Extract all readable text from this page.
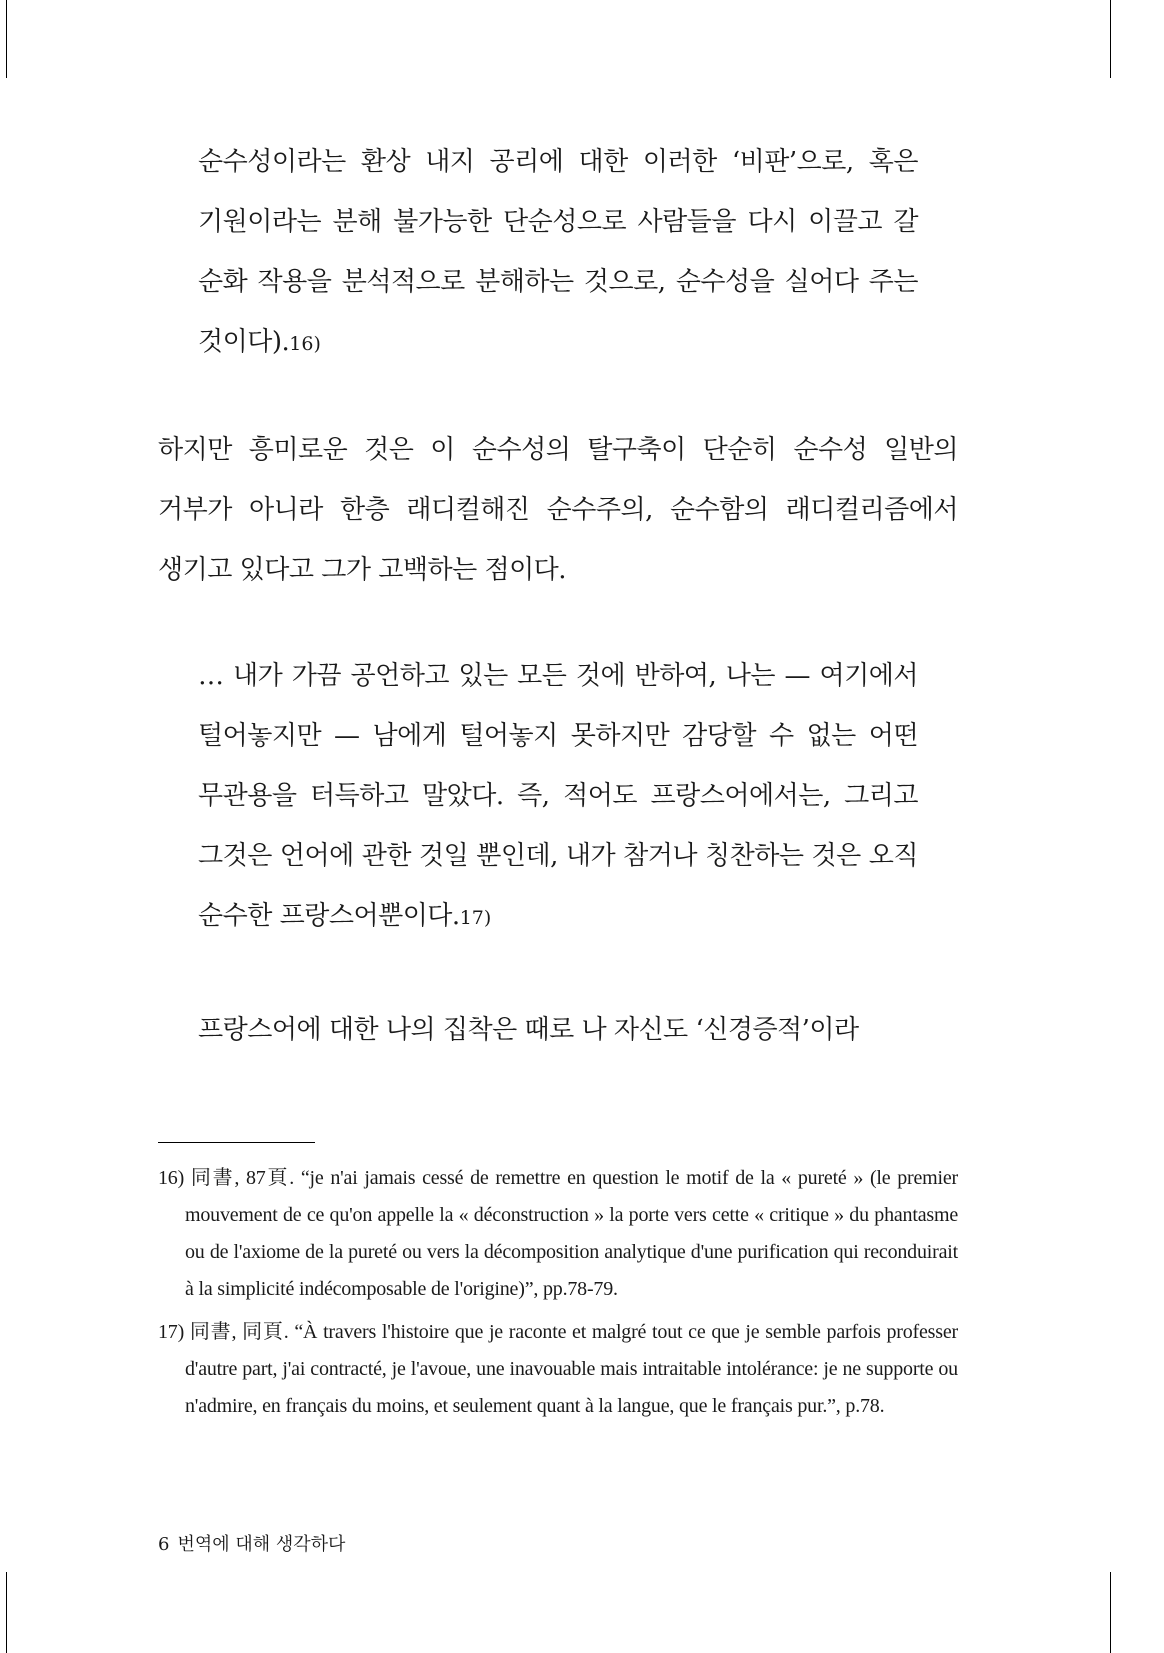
순수성이라는 환상 내지 공리에 대한 이러한 ‘비판’으로, 혹은 기원이라는 분해 불가능한 단순성으로 사람들을 다시 이끌고 갈 순화 작용을 분석적으로 분해하는 것으로, 순수성을 실어다 주는 것이다).16)

하지만 흥미로운 것은 이 순수성의 탈구축이 단순히 순수성 일반의 거부가 아니라 한층 래디컬해진 순수주의, 순수함의 래디컬리즘에서 생기고 있다고 그가 고백하는 점이다.

… 내가 가끔 공언하고 있는 모든 것에 반하여, 나는 — 여기에서 털어놓지만 — 남에게 털어놓지 못하지만 감당할 수 없는 어떤 무관용을 터득하고 말았다. 즉, 적어도 프랑스어에서는, 그리고 그것은 언어에 관한 것일 뿐인데, 내가 참거나 칭찬하는 것은 오직 순수한 프랑스어뿐이다.17)

프랑스어에 대한 나의 집착은 때로 나 자신도 ‘신경증적’이라

16) 同書, 87頁. “je n'ai jamais cessé de remettre en question le motif de la « pureté » (le premier mouvement de ce qu'on appelle la « déconstruction » la porte vers cette « critique » du phantasme ou de l'axiome de la pureté ou vers la décomposition analytique d'une purification qui reconduirait à la simplicité indécomposable de l'origine)”, pp.78-79.

17) 同書, 同頁. “À travers l'histoire que je raconte et malgré tout ce que je semble parfois professer d'autre part, j'ai contracté, je l'avoue, une inavouable mais intraitable intolérance: je ne supporte ou n'admire, en français du moins, et seulement quant à la langue, que le français pur.”, p.78.

6 번역에 대해 생각하다
